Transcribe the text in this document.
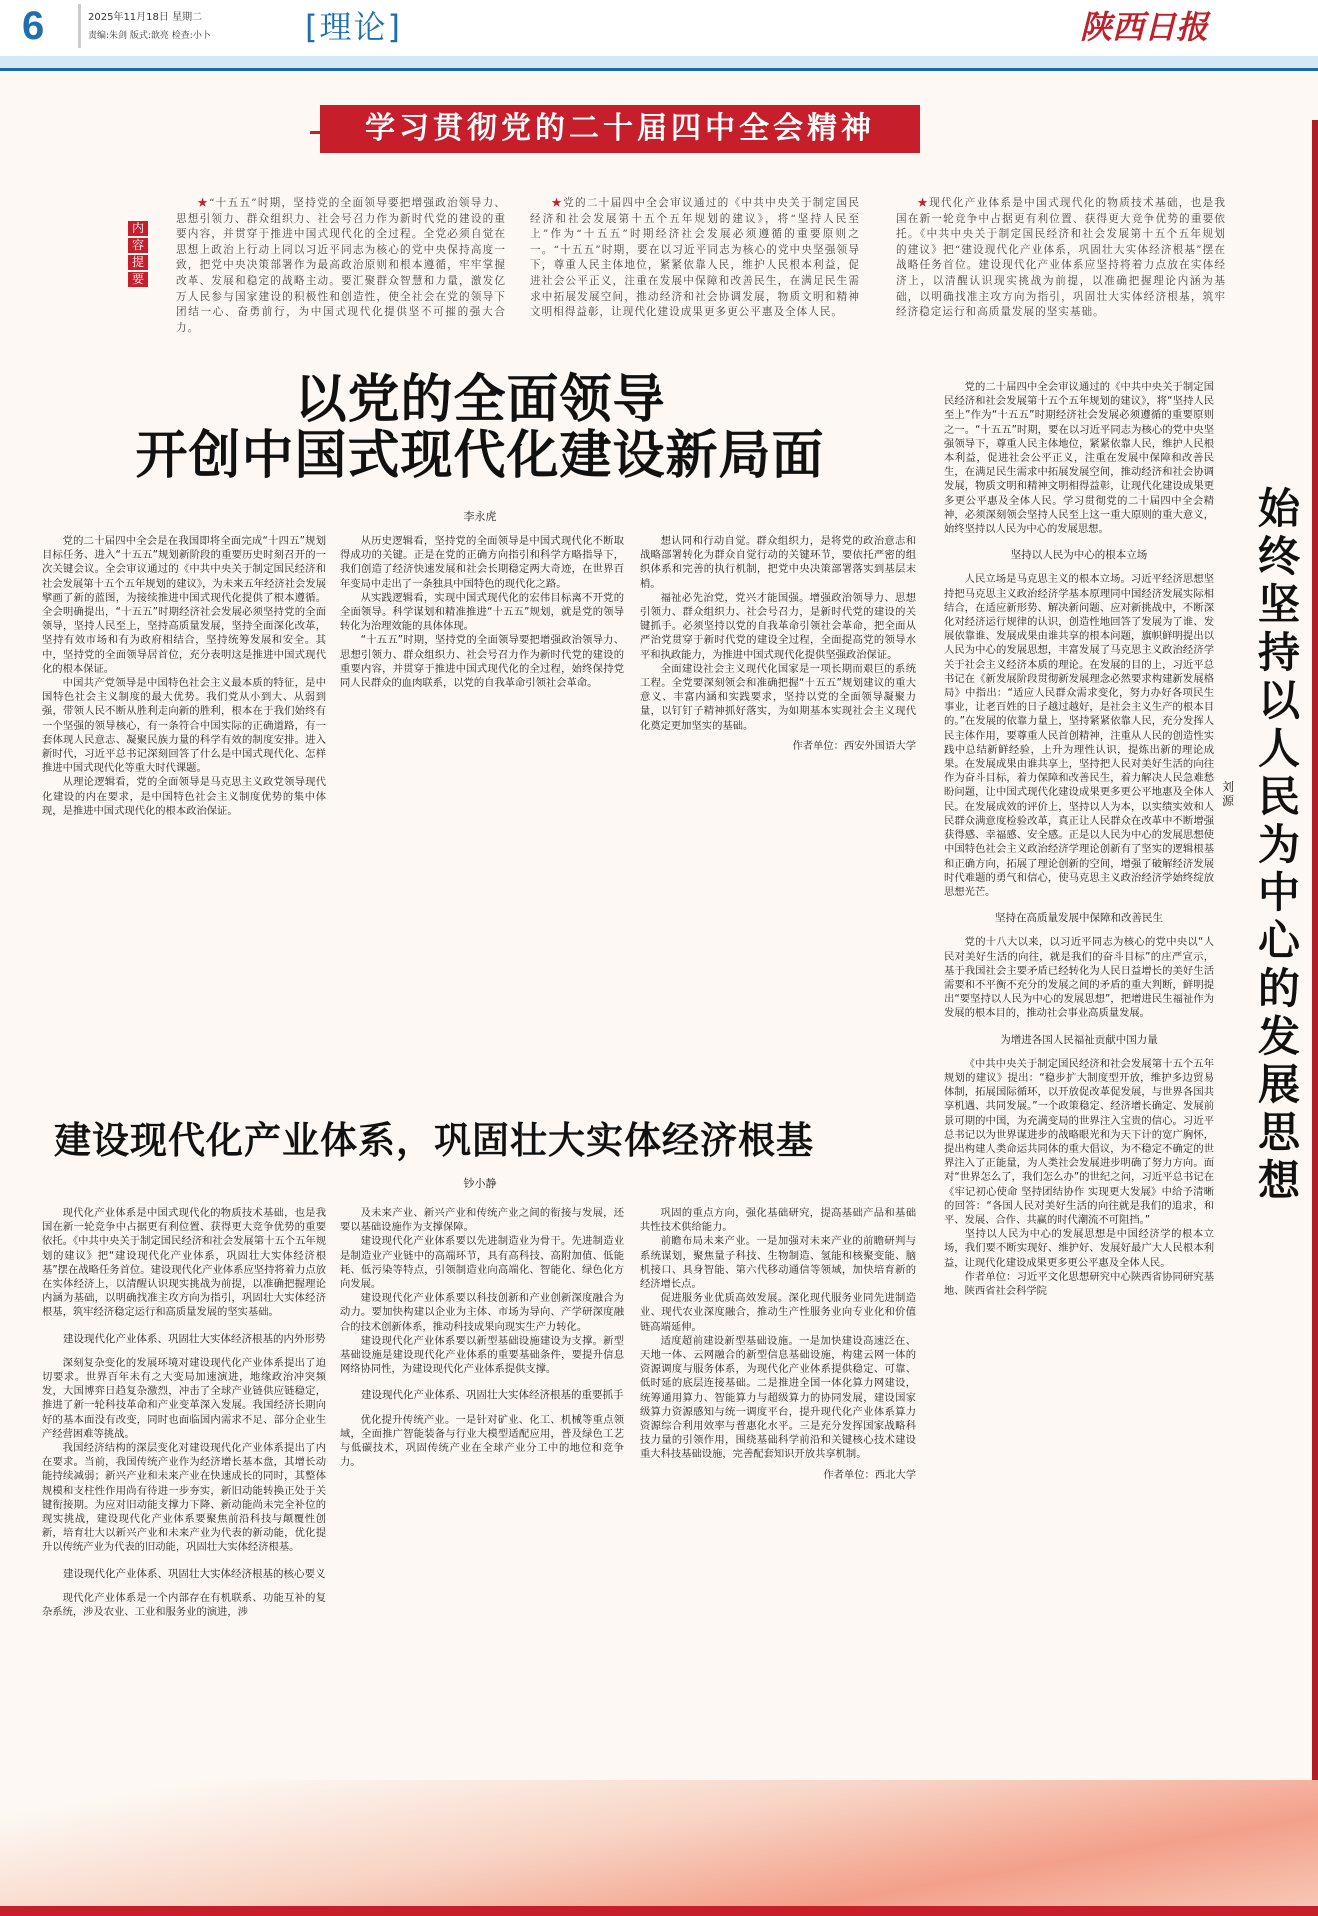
6	2025年11月18日 星期二
责编:朱剑 版式:歆亮 检查:小卜	[理论]	陕西日报
学习贯彻党的二十届四中全会精神
内
容
提
要
★“十五五”时期，坚持党的全面领导要把增强政治领导力、思想引领力、群众组织力、社会号召力作为新时代党的建设的重要内容，并贯穿于推进中国式现代化的全过程。全党必须自觉在思想上政治上行动上同以习近平同志为核心的党中央保持高度一致，把党中央决策部署作为最高政治原则和根本遵循，牢牢掌握改革、发展和稳定的战略主动。要汇聚群众智慧和力量，激发亿万人民参与国家建设的积极性和创造性，使全社会在党的领导下团结一心、奋勇前行，为中国式现代化提供坚不可摧的强大合力。
★党的二十届四中全会审议通过的《中共中央关于制定国民经济和社会发展第十五个五年规划的建议》，将“坚持人民至上”作为“十五五”时期经济社会发展必须遵循的重要原则之一。“十五五”时期，要在以习近平同志为核心的党中央坚强领导下，尊重人民主体地位，紧紧依靠人民，维护人民根本利益，促进社会公平正义，注重在发展中保障和改善民生，在满足民生需求中拓展发展空间，推动经济和社会协调发展，物质文明和精神文明相得益彰，让现代化建设成果更多更公平惠及全体人民。
★现代化产业体系是中国式现代化的物质技术基础，也是我国在新一轮竞争中占据更有利位置、获得更大竞争优势的重要依托。《中共中央关于制定国民经济和社会发展第十五个五年规划的建议》把“建设现代化产业体系，巩固壮大实体经济根基”摆在战略任务首位。建设现代化产业体系应坚持将着力点放在实体经济上，以清醒认识现实挑战为前提，以准确把握理论内涵为基础，以明确找准主攻方向为指引，巩固壮大实体经济根基，筑牢经济稳定运行和高质量发展的坚实基础。
以党的全面领导
开创中国式现代化建设新局面
李永虎

党的二十届四中全会是在我国即将全面完成“十四五”规划目标任务、进入“十五五”规划新阶段的重要历史时刻召开的一次关键会议。全会审议通过的《中共中央关于制定国民经济和社会发展第十五个五年规划的建议》，为未来五年经济社会发展擘画了新的蓝图，为接续推进中国式现代化提供了根本遵循。全会明确提出，“十五五”时期经济社会发展必须坚持党的全面领导，坚持人民至上，坚持高质量发展，坚持全面深化改革，坚持有效市场和有为政府相结合，坚持统筹发展和安全。其中，坚持党的全面领导居首位，充分表明这是推进中国式现代化的根本保证。

中国共产党领导是中国特色社会主义最本质的特征，是中国特色社会主义制度的最大优势。我们党从小到大、从弱到强，带领人民不断从胜利走向新的胜利，根本在于我们始终有一个坚强的领导核心，有一条符合中国实际的正确道路，有一套体现人民意志、凝聚民族力量的科学有效的制度安排。进入新时代，习近平总书记深刻回答了什么是中国式现代化、怎样推进中国式现代化等重大时代课题。

从理论逻辑看，党的全面领导是马克思主义政党领导现代化建设的内在要求，是中国特色社会主义制度优势的集中体现，是推进中国式现代化的根本政治保证。

从历史逻辑看，坚持党的全面领导是中国式现代化不断取得成功的关键。正是在党的正确方向指引和科学方略指导下，我们创造了经济快速发展和社会长期稳定两大奇迹，在世界百年变局中走出了一条独具中国特色的现代化之路。

从实践逻辑看，实现中国式现代化的宏伟目标离不开党的全面领导。科学谋划和精准推进“十五五”规划，就是党的领导转化为治理效能的具体体现。

“十五五”时期，坚持党的全面领导要把增强政治领导力、思想引领力、群众组织力、社会号召力作为新时代党的建设的重要内容，并贯穿于推进中国式现代化的全过程，始终保持党同人民群众的血肉联系，以党的自我革命引领社会革命。

想认同和行动自觉。群众组织力，是将党的政治意志和战略部署转化为群众自觉行动的关键环节，要依托严密的组织体系和完善的执行机制，把党中央决策部署落实到基层末梢。

福祉必先治党，党兴才能国强。增强政治领导力、思想引领力、群众组织力、社会号召力，是新时代党的建设的关键抓手。必须坚持以党的自我革命引领社会革命，把全面从严治党贯穿于新时代党的建设全过程，全面提高党的领导水平和执政能力，为推进中国式现代化提供坚强政治保证。

全面建设社会主义现代化国家是一项长期而艰巨的系统工程。全党要深刻领会和准确把握“十五五”规划建议的重大意义、丰富内涵和实践要求，坚持以党的全面领导凝聚力量，以钉钉子精神抓好落实，为如期基本实现社会主义现代化奠定更加坚实的基础。

作者单位：西安外国语大学
建设现代化产业体系，巩固壮大实体经济根基
钞小静

现代化产业体系是中国式现代化的物质技术基础，也是我国在新一轮竞争中占据更有利位置、获得更大竞争优势的重要依托。《中共中央关于制定国民经济和社会发展第十五个五年规划的建议》把“建设现代化产业体系，巩固壮大实体经济根基”摆在战略任务首位。建设现代化产业体系应坚持将着力点放在实体经济上，以清醒认识现实挑战为前提，以准确把握理论内涵为基础，以明确找准主攻方向为指引，巩固壮大实体经济根基，筑牢经济稳定运行和高质量发展的坚实基础。

建设现代化产业体系、巩固壮大实体经济根基的内外形势

深刻复杂变化的发展环境对建设现代化产业体系提出了迫切要求。世界百年未有之大变局加速演进，地缘政治冲突频发，大国博弈日趋复杂激烈，冲击了全球产业链供应链稳定，推进了新一轮科技革命和产业变革深入发展。我国经济长期向好的基本面没有改变，同时也面临国内需求不足、部分企业生产经营困难等挑战。

我国经济结构的深层变化对建设现代化产业体系提出了内在要求。当前，我国传统产业作为经济增长基本盘，其增长动能持续减弱；新兴产业和未来产业在快速成长的同时，其整体规模和支柱性作用尚有待进一步夯实，新旧动能转换正处于关键衔接期。为应对旧动能支撑力下降、新动能尚未完全补位的现实挑战，建设现代化产业体系要聚焦前沿科技与颠覆性创新，培育壮大以新兴产业和未来产业为代表的新动能，优化提升以传统产业为代表的旧动能，巩固壮大实体经济根基。

建设现代化产业体系、巩固壮大实体经济根基的核心要义

现代化产业体系是一个内部存在有机联系、功能互补的复杂系统，涉及农业、工业和服务业的演进，涉

及未来产业、新兴产业和传统产业之间的衔接与发展，还要以基础设施作为支撑保障。

建设现代化产业体系要以先进制造业为骨干。先进制造业是制造业产业链中的高端环节，具有高科技、高附加值、低能耗、低污染等特点，引领制造业向高端化、智能化、绿色化方向发展。

建设现代化产业体系要以科技创新和产业创新深度融合为动力。要加快构建以企业为主体、市场为导向、产学研深度融合的技术创新体系，推动科技成果向现实生产力转化。

建设现代化产业体系要以新型基础设施建设为支撑。新型基础设施是建设现代化产业体系的重要基础条件，要提升信息网络协同性，为建设现代化产业体系提供支撑。

建设现代化产业体系、巩固壮大实体经济根基的重要抓手

优化提升传统产业。一是针对矿业、化工、机械等重点领域，全面推广智能装备与行业大模型适配应用，普及绿色工艺与低碳技术，巩固传统产业在全球产业分工中的地位和竞争力。

巩固的重点方向，强化基础研究，提高基础产品和基础共性技术供给能力。

前瞻布局未来产业。一是加强对未来产业的前瞻研判与系统谋划，聚焦量子科技、生物制造、氢能和核聚变能、脑机接口、具身智能、第六代移动通信等领域，加快培育新的经济增长点。

促进服务业优质高效发展。深化现代服务业同先进制造业、现代农业深度融合，推动生产性服务业向专业化和价值链高端延伸。

适度超前建设新型基础设施。一是加快建设高速泛在、天地一体、云网融合的新型信息基础设施，构建云网一体的资源调度与服务体系，为现代化产业体系提供稳定、可靠、低时延的底层连接基础。二是推进全国一体化算力网建设，统筹通用算力、智能算力与超级算力的协同发展，建设国家级算力资源感知与统一调度平台，提升现代化产业体系算力资源综合利用效率与普惠化水平。三是充分发挥国家战略科技力量的引领作用，围绕基础科学前沿和关键核心技术建设重大科技基础设施，完善配套知识开放共享机制。

作者单位：西北大学
始终坚持以人民为中心的发展思想
刘源

党的二十届四中全会审议通过的《中共中央关于制定国民经济和社会发展第十五个五年规划的建议》，将“坚持人民至上”作为“十五五”时期经济社会发展必须遵循的重要原则之一。“十五五”时期，要在以习近平同志为核心的党中央坚强领导下，尊重人民主体地位，紧紧依靠人民，维护人民根本利益，促进社会公平正义，注重在发展中保障和改善民生，在满足民生需求中拓展发展空间，推动经济和社会协调发展，物质文明和精神文明相得益彰，让现代化建设成果更多更公平惠及全体人民。学习贯彻党的二十届四中全会精神，必须深刻领会坚持人民至上这一重大原则的重大意义，始终坚持以人民为中心的发展思想。

坚持以人民为中心的根本立场

人民立场是马克思主义的根本立场。习近平经济思想坚持把马克思主义政治经济学基本原理同中国经济发展实际相结合，在适应新形势、解决新问题、应对新挑战中，不断深化对经济运行规律的认识，创造性地回答了发展为了谁、发展依靠谁、发展成果由谁共享的根本问题，旗帜鲜明提出以人民为中心的发展思想，丰富发展了马克思主义政治经济学关于社会主义经济本质的理论。在发展的目的上，习近平总书记在《新发展阶段贯彻新发展理念必然要求构建新发展格局》中指出：“适应人民群众需求变化，努力办好各项民生事业，让老百姓的日子越过越好，是社会主义生产的根本目的。”在发展的依靠力量上，坚持紧紧依靠人民，充分发挥人民主体作用，要尊重人民首创精神，注重从人民的创造性实践中总结新鲜经验，上升为理性认识，提炼出新的理论成果。在发展成果由谁共享上，坚持把人民对美好生活的向往作为奋斗目标，着力保障和改善民生，着力解决人民急难愁盼问题，让中国式现代化建设成果更多更公平地惠及全体人民。在发展成效的评价上，坚持以人为本，以实绩实效和人民群众满意度检验改革，真正让人民群众在改革中不断增强获得感、幸福感、安全感。正是以人民为中心的发展思想使中国特色社会主义政治经济学理论创新有了坚实的逻辑根基和正确方向，拓展了理论创新的空间，增强了破解经济发展时代难题的勇气和信心，使马克思主义政治经济学始终绽放思想光芒。

坚持在高质量发展中保障和改善民生

党的十八大以来，以习近平同志为核心的党中央以“人民对美好生活的向往，就是我们的奋斗目标”的庄严宣示，基于我国社会主要矛盾已经转化为人民日益增长的美好生活需要和不平衡不充分的发展之间的矛盾的重大判断，鲜明提出“要坚持以人民为中心的发展思想”，把增进民生福祉作为发展的根本目的，推动社会事业高质量发展。

为增进各国人民福祉贡献中国力量

《中共中央关于制定国民经济和社会发展第十五个五年规划的建议》提出：“稳步扩大制度型开放，维护多边贸易体制，拓展国际循环，以开放促改革促发展，与世界各国共享机遇、共同发展。”一个政策稳定、经济增长确定、发展前景可期的中国，为充满变局的世界注入宝贵的信心。习近平总书记以为世界谋进步的战略眼光和为天下计的宽广胸怀，提出构建人类命运共同体的重大倡议，为不稳定不确定的世界注入了正能量，为人类社会发展进步明确了努力方向。面对“世界怎么了，我们怎么办”的世纪之问，习近平总书记在《牢记初心使命 坚持团结协作 实现更大发展》中给予清晰的回答：“各国人民对美好生活的向往就是我们的追求，和平、发展、合作、共赢的时代潮流不可阻挡。”

坚持以人民为中心的发展思想是中国经济学的根本立场，我们要不断实现好、维护好、发展好最广大人民根本利益，让现代化建设成果更多更公平惠及全体人民。

作者单位：习近平文化思想研究中心陕西省协同研究基地、陕西省社会科学院
